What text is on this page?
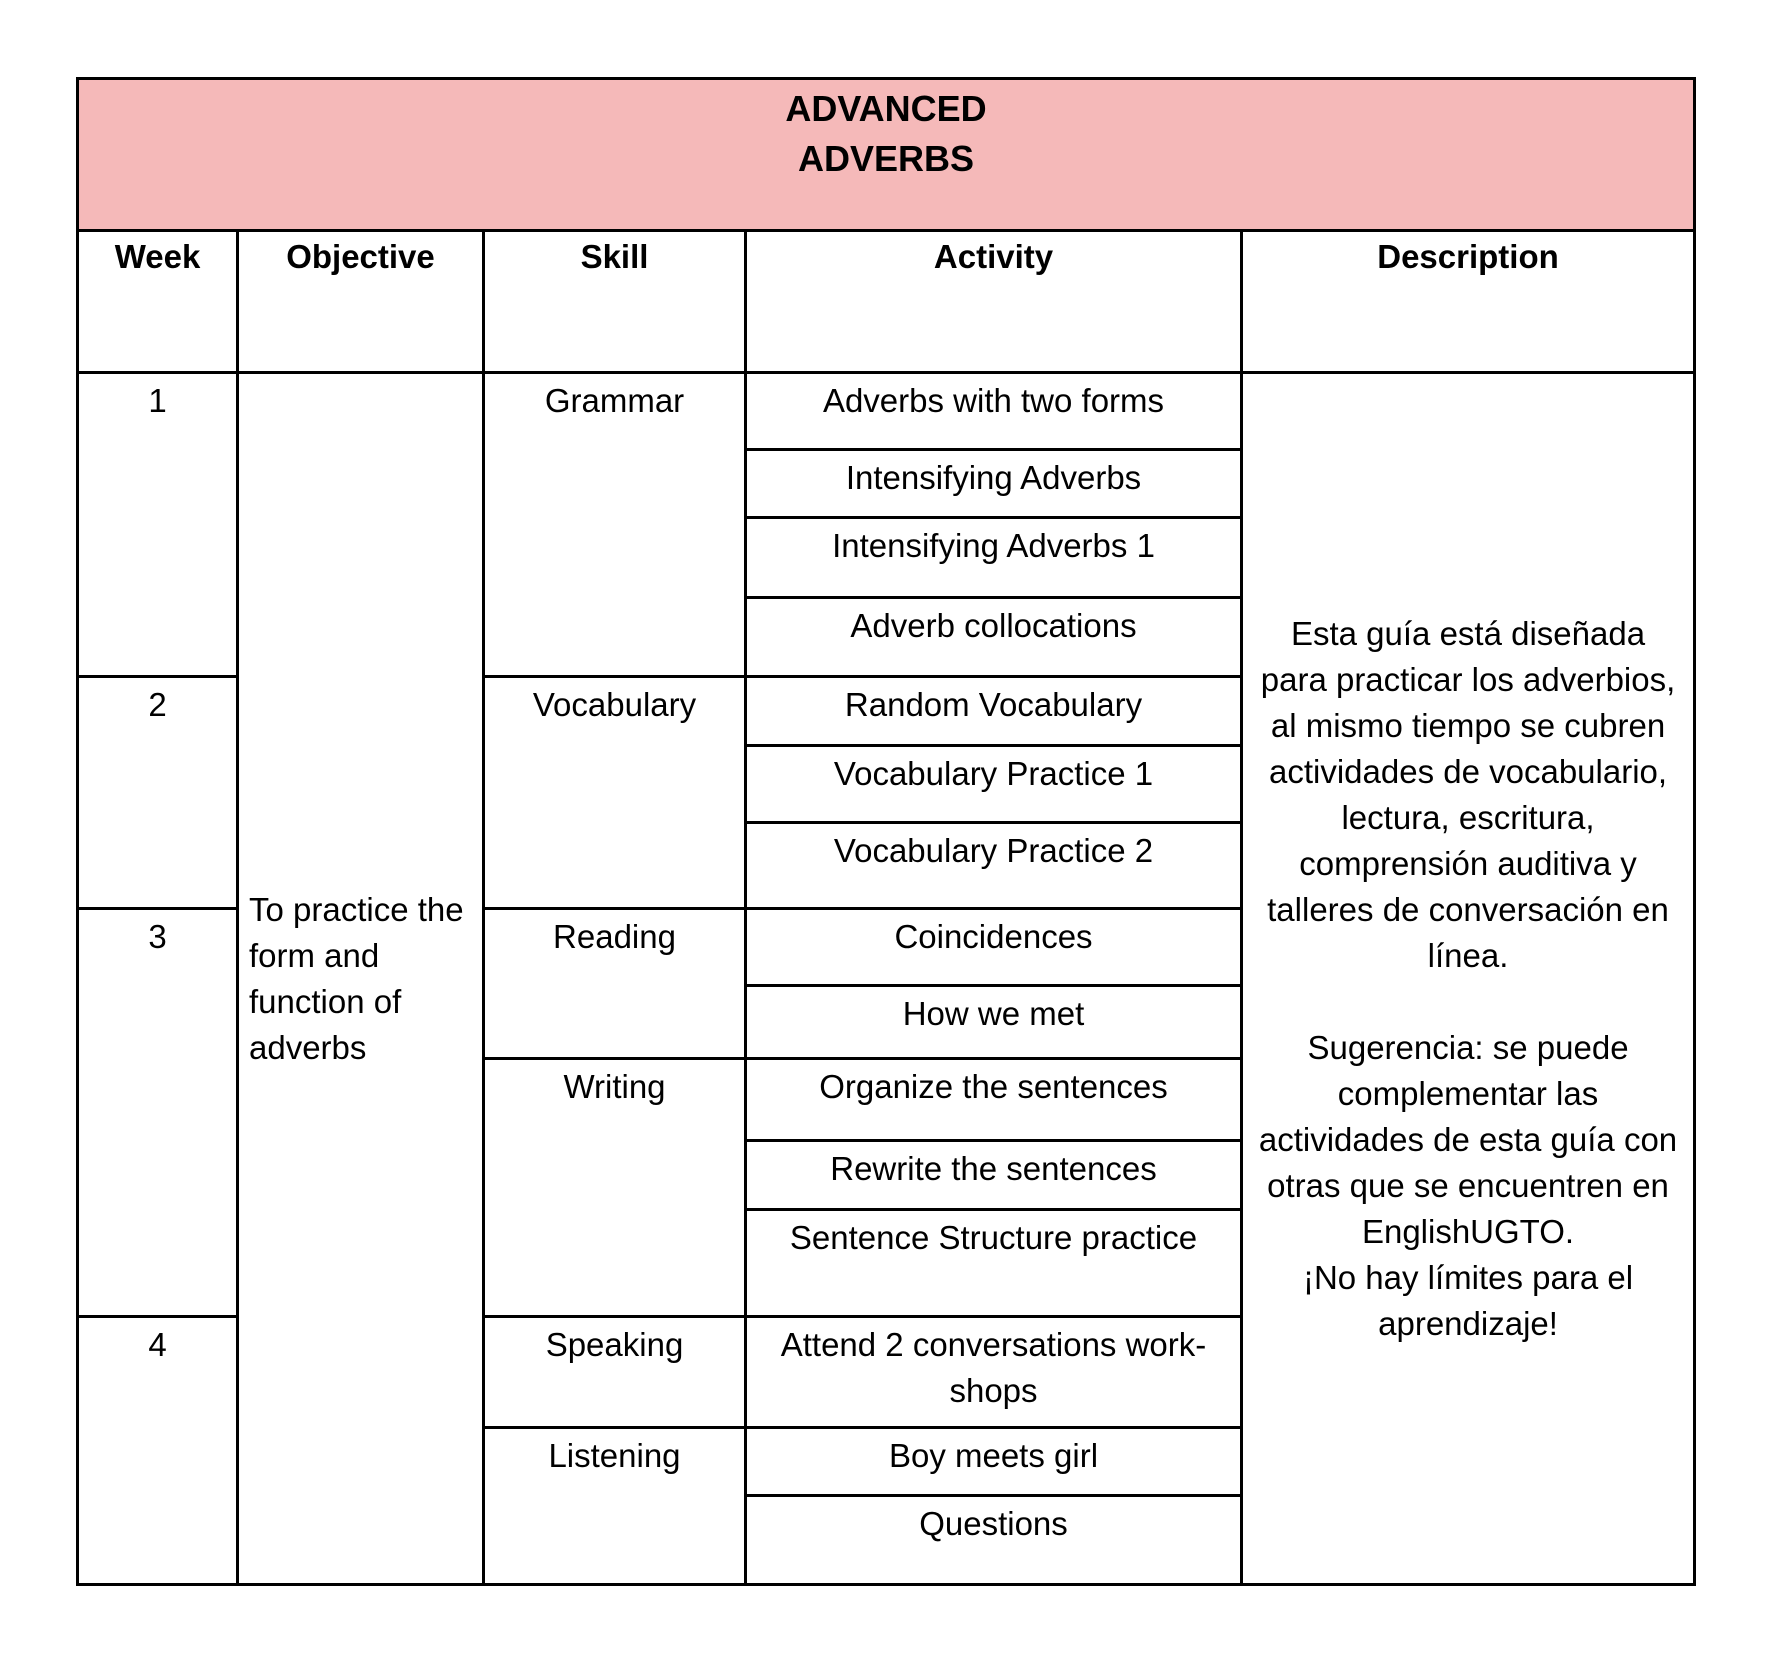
ADVANCED
ADVERBS				

Week	Objective	Skill	Activity	Description
1	To practice the form and function of adverbs	Grammar	Adverbs with two forms	Esta guía está diseñada para practicar los adverbios, al mismo tiempo se cubren actividades de vocabulario, lectura, escritura, comprensión auditiva y talleres de conversación en línea.
Sugerencia: se puede complementar las actividades de esta guía con otras que se encuentren en EnglishUGTO.
¡No hay límites para el aprendizaje!

			Intensifying Adverbs	
			Intensifying Adverbs 1	
			Adverb collocations	
2		Vocabulary	Random Vocabulary	
			Vocabulary Practice 1	
			Vocabulary Practice 2	
3		Reading	Coincidences	
			How we met	
		Writing	Organize the sentences	
			Rewrite the sentences	
			Sentence Structure practice	
4		Speaking	Attend 2 conversations work-shops	
		Listening	Boy meets girl	
			Questions	
